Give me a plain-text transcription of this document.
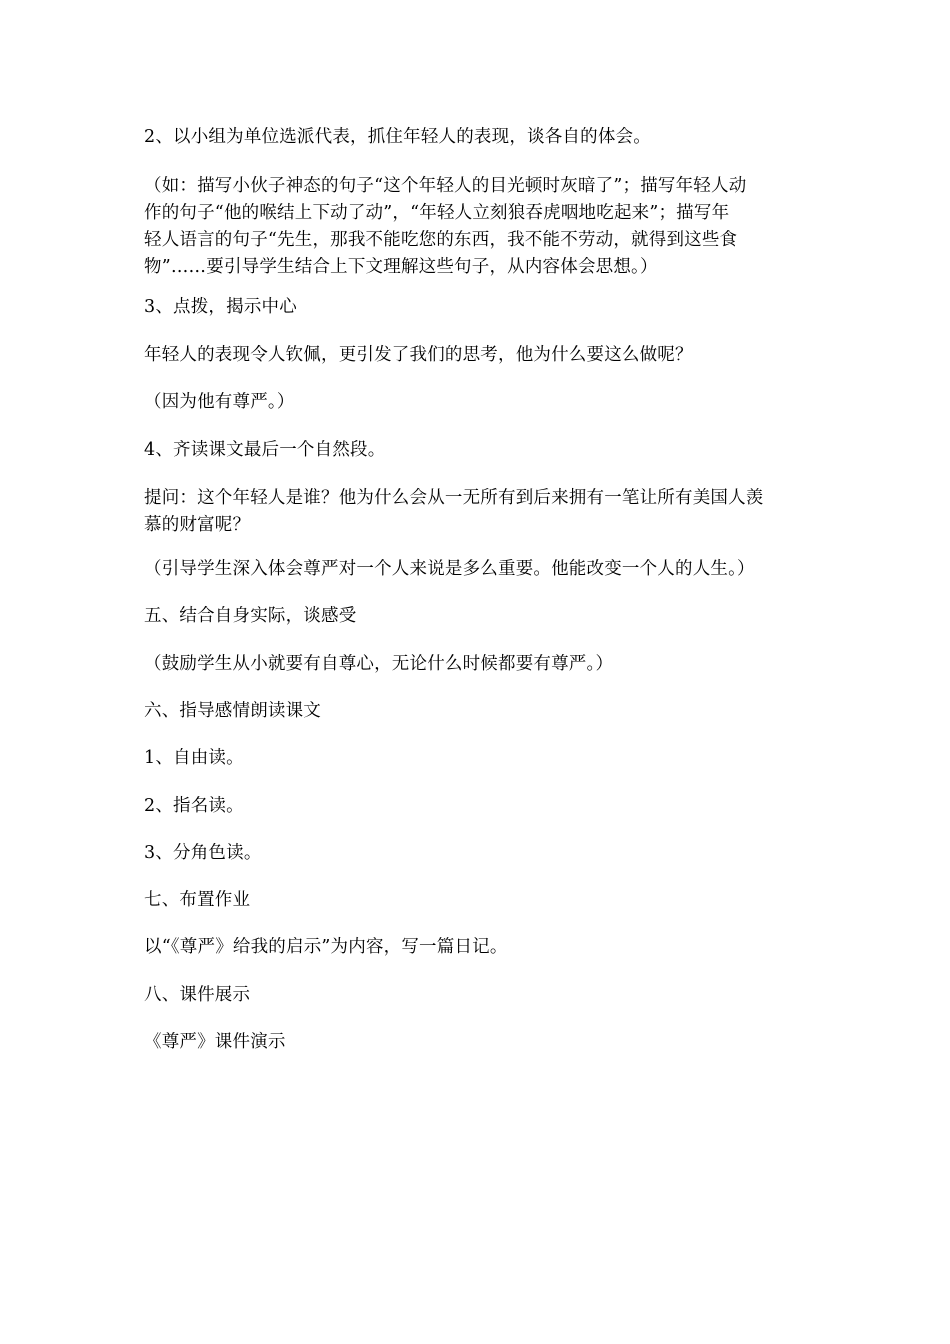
2、以小组为单位选派代表，抓住年轻人的表现，谈各自的体会。

（如：描写小伙子神态的句子“这个年轻人的目光顿时灰暗了”；描写年轻人动
作的句子“他的喉结上下动了动”，“年轻人立刻狼吞虎咽地吃起来”；描写年
轻人语言的句子“先生，那我不能吃您的东西，我不能不劳动，就得到这些食
物”……要引导学生结合上下文理解这些句子，从内容体会思想。）

3、点拨，揭示中心

年轻人的表现令人钦佩，更引发了我们的思考，他为什么要这么做呢？

（因为他有尊严。）

4、齐读课文最后一个自然段。

提问：这个年轻人是谁？他为什么会从一无所有到后来拥有一笔让所有美国人羡
慕的财富呢？

（引导学生深入体会尊严对一个人来说是多么重要。他能改变一个人的人生。）

五、结合自身实际，谈感受

（鼓励学生从小就要有自尊心，无论什么时候都要有尊严。）

六、指导感情朗读课文

1、自由读。

2、指名读。

3、分角色读。

七、布置作业

以“《尊严》给我的启示”为内容，写一篇日记。

八、课件展示

《尊严》课件演示
